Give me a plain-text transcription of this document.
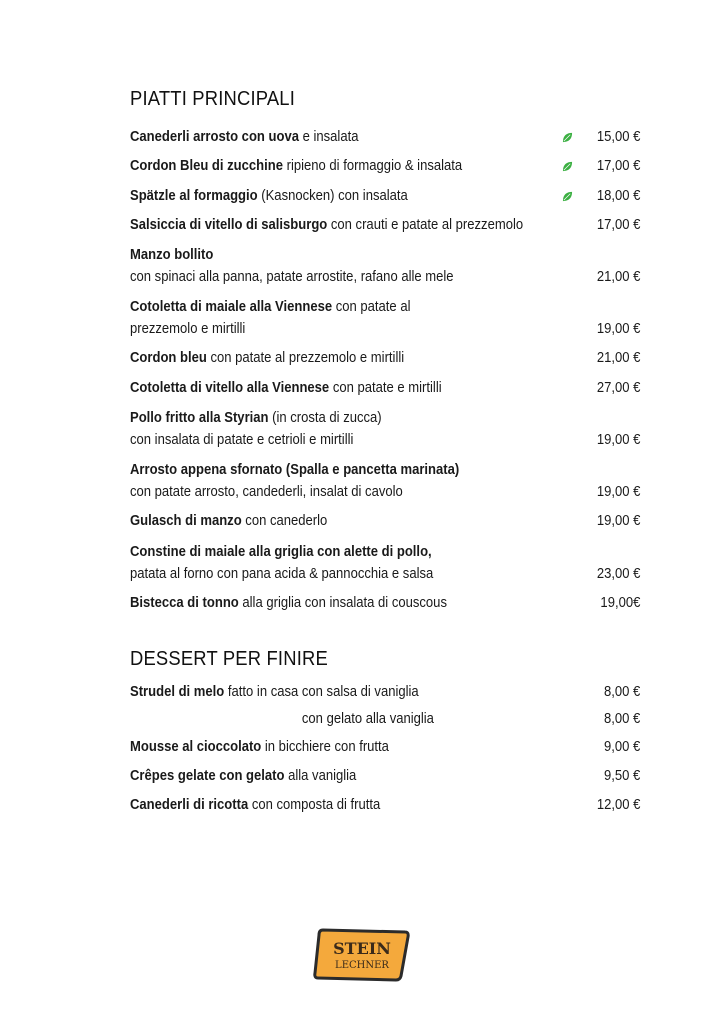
PIATTI PRINCIPALI
Canederli arrosto con uova e insalata	15,00 €
Cordon Bleu di zucchine ripieno di formaggio & insalata	17,00 €
Spätzle al formaggio (Kasnocken) con insalata	18,00 €
Salsiccia di vitello di salisburgo con crauti e patate al prezzemolo	17,00 €
Manzo bollito
con spinaci alla panna, patate arrostite, rafano alle mele	21,00 €
Cotoletta di maiale alla Viennese con patate al
prezzemolo e mirtilli	19,00 €
Cordon bleu con patate al prezzemolo e mirtilli	21,00 €
Cotoletta di vitello alla Viennese con patate e mirtilli	27,00 €
Pollo fritto alla Styrian (in crosta di zucca)
con insalata di patate e cetrioli e mirtilli	19,00 €
Arrosto appena sfornato (Spalla e pancetta marinata)
con patate arrosto, candederli, insalat di cavolo	19,00 €
Gulasch di manzo con canederlo	19,00 €
Constine di maiale alla griglia con alette di pollo,
patata al forno con pana acida & pannocchia e salsa	23,00 €
Bistecca di tonno alla griglia con insalata di couscous	19,00€
DESSERT PER FINIRE
Strudel di melo fatto in casa con salsa di vaniglia	8,00 €
con gelato alla vaniglia	8,00 €
Mousse al cioccolato in bicchiere con frutta	9,00 €
Crêpes gelate con gelato alla vaniglia	9,50 €
Canederli di ricotta con composta di frutta	12,00 €
STEIN
LECHNER
